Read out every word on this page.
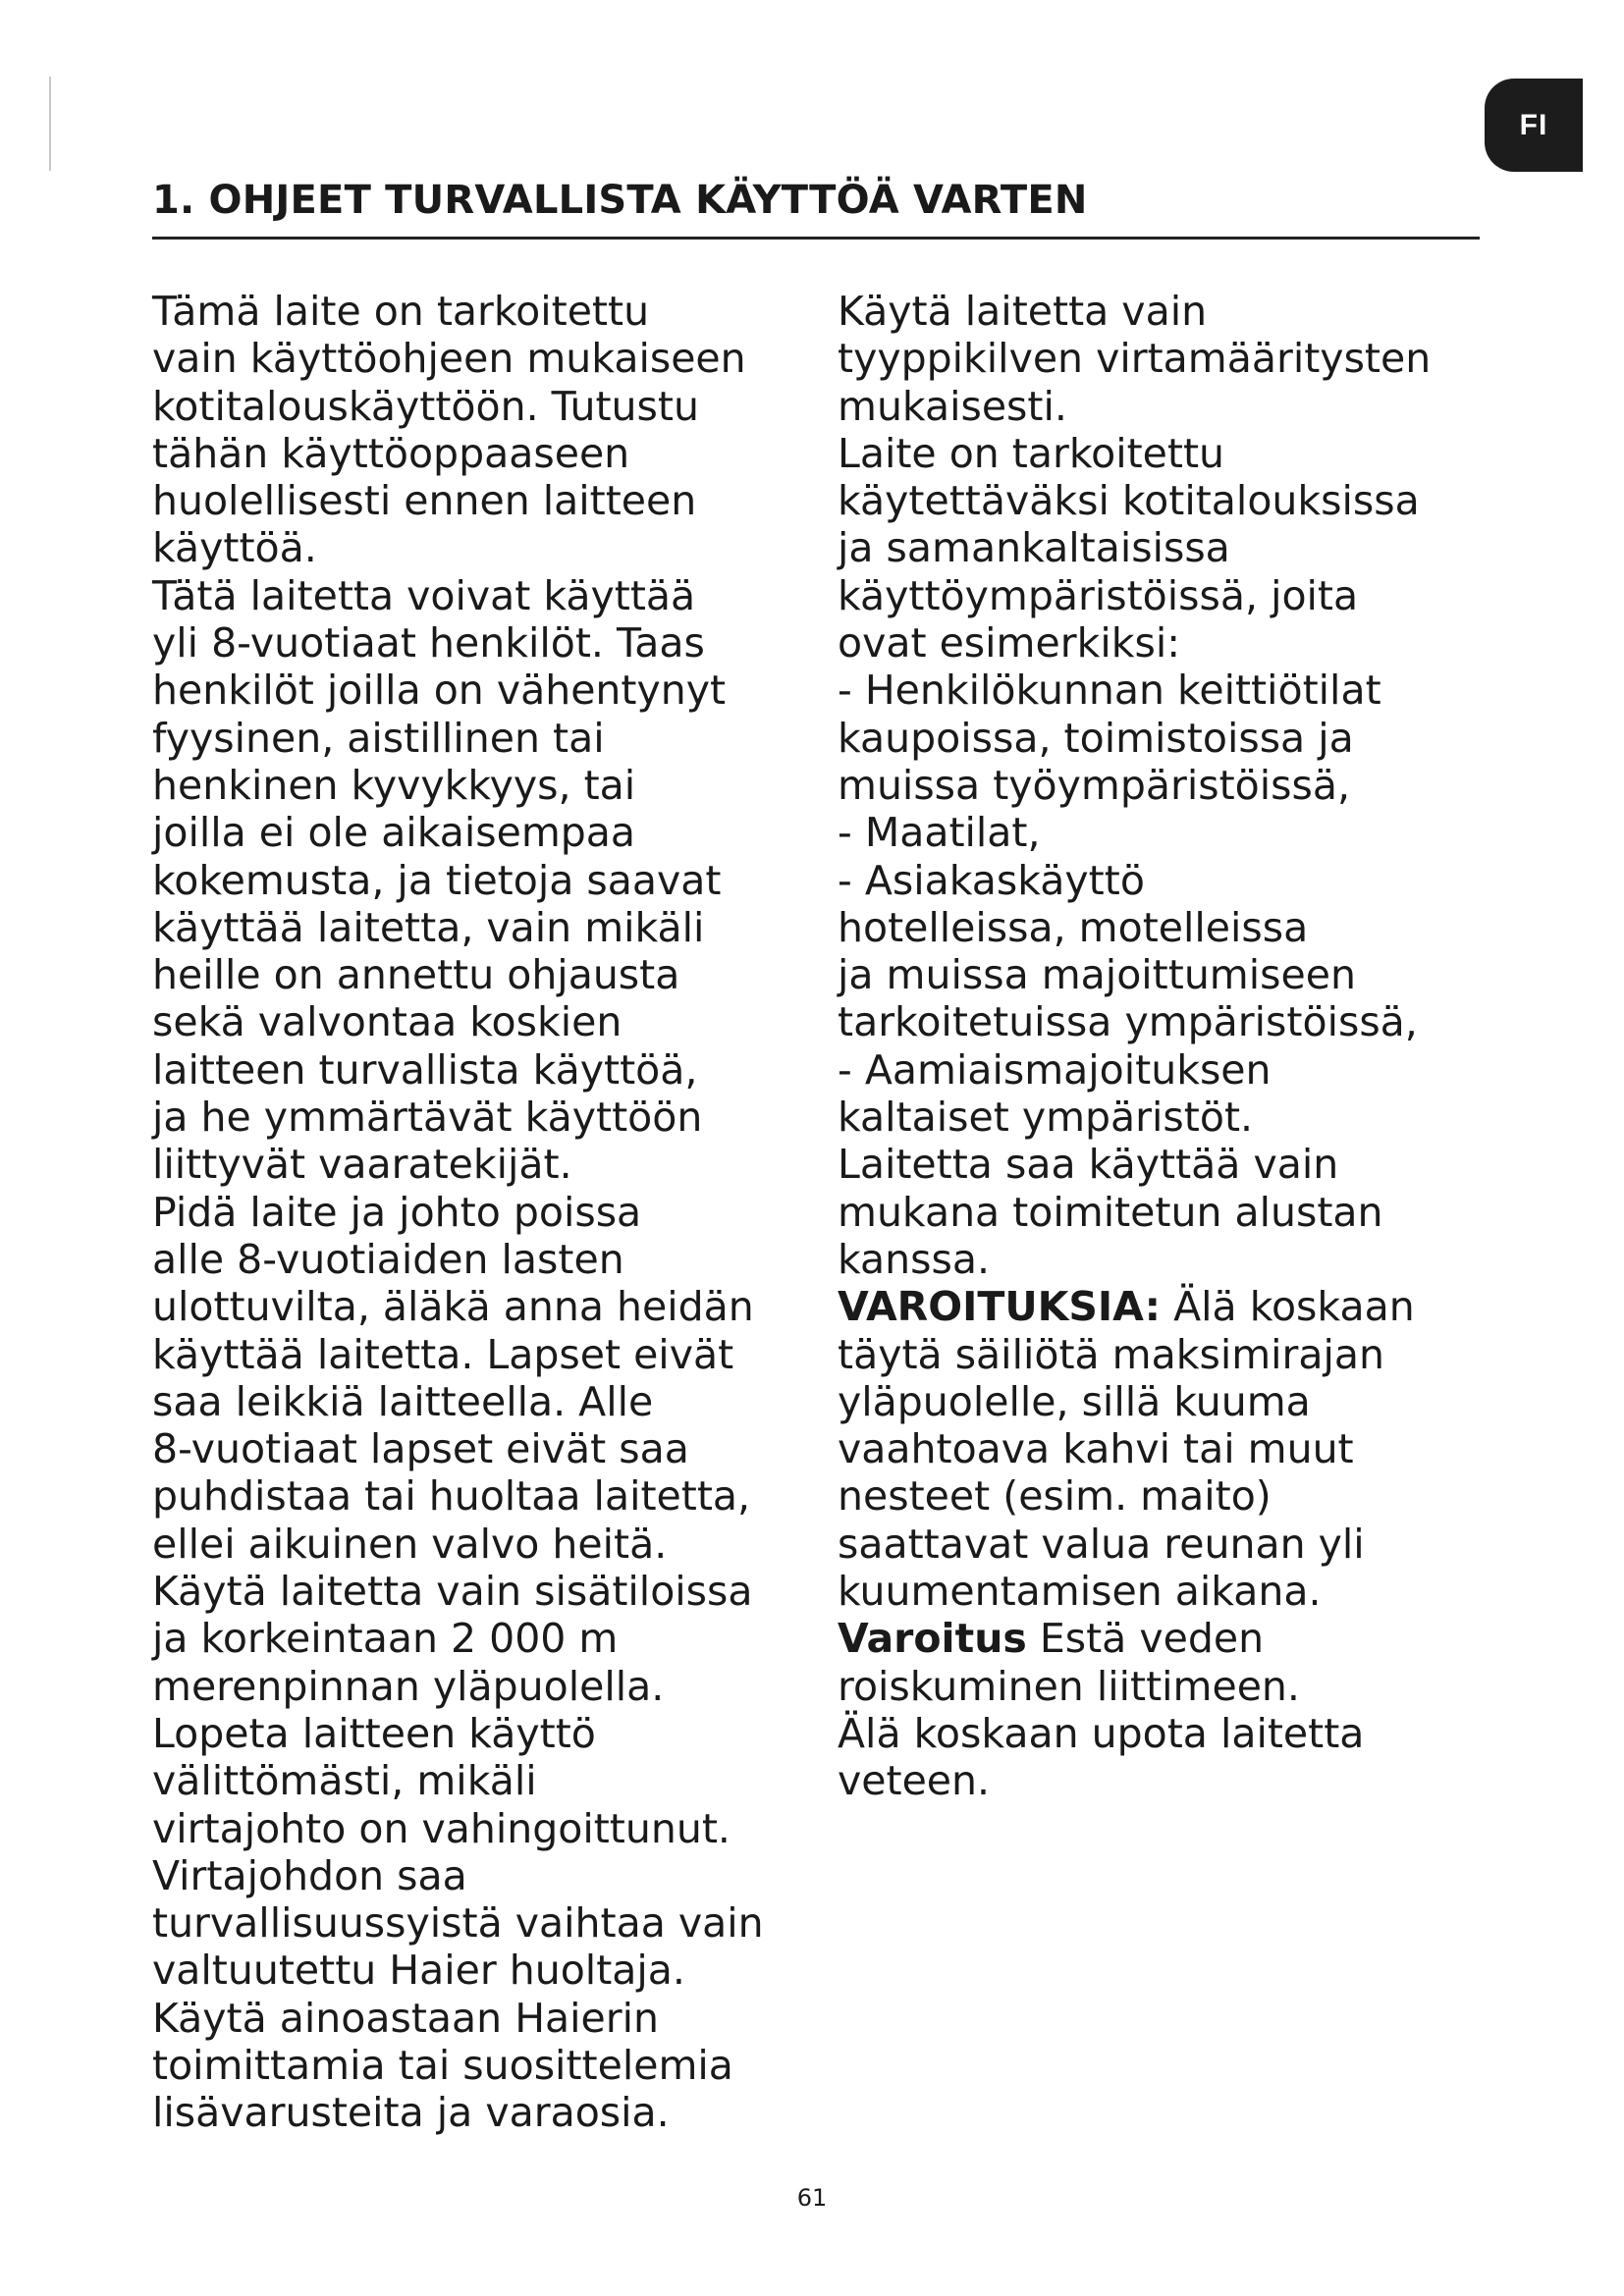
FI
1. OHJEET TURVALLISTA KÄYTTÖÄ VARTEN
Tämä laite on tarkoitettu
vain käyttöohjeen mukaiseen
kotitalouskäyttöön. Tutustu
tähän käyttöoppaaseen
huolellisesti ennen laitteen
käyttöä.
Tätä laitetta voivat käyttää
yli 8-vuotiaat henkilöt. Taas
henkilöt joilla on vähentynyt
fyysinen, aistillinen tai
henkinen kyvykkyys, tai
joilla ei ole aikaisempaa
kokemusta, ja tietoja saavat
käyttää laitetta, vain mikäli
heille on annettu ohjausta
sekä valvontaa koskien
laitteen turvallista käyttöä,
ja he ymmärtävät käyttöön
liittyvät vaaratekijät.
Pidä laite ja johto poissa
alle 8-vuotiaiden lasten
ulottuvilta, äläkä anna heidän
käyttää laitetta. Lapset eivät
saa leikkiä laitteella. Alle
8-vuotiaat lapset eivät saa
puhdistaa tai huoltaa laitetta,
ellei aikuinen valvo heitä.
Käytä laitetta vain sisätiloissa
ja korkeintaan 2 000 m
merenpinnan yläpuolella.
Lopeta laitteen käyttö
välittömästi, mikäli
virtajohto on vahingoittunut.
Virtajohdon saa
turvallisuussyistä vaihtaa vain
valtuutettu Haier huoltaja.
Käytä ainoastaan Haierin
toimittamia tai suosittelemia
lisävarusteita ja varaosia.
Käytä laitetta vain
tyyppikilven virtamääritysten
mukaisesti.
Laite on tarkoitettu
käytettäväksi kotitalouksissa
ja samankaltaisissa
käyttöympäristöissä, joita
ovat esimerkiksi:
- Henkilökunnan keittiötilat
kaupoissa, toimistoissa ja
muissa työympäristöissä,
- Maatilat,
- Asiakaskäyttö
hotelleissa, motelleissa
ja muissa majoittumiseen
tarkoitetuissa ympäristöissä,
- Aamiaismajoituksen
kaltaiset ympäristöt.
Laitetta saa käyttää vain
mukana toimitetun alustan
kanssa.
VAROITUKSIA: Älä koskaan
täytä säiliötä maksimirajan
yläpuolelle, sillä kuuma
vaahtoava kahvi tai muut
nesteet (esim. maito)
saattavat valua reunan yli
kuumentamisen aikana.
Varoitus Estä veden
roiskuminen liittimeen.
Älä koskaan upota laitetta
veteen.
61
